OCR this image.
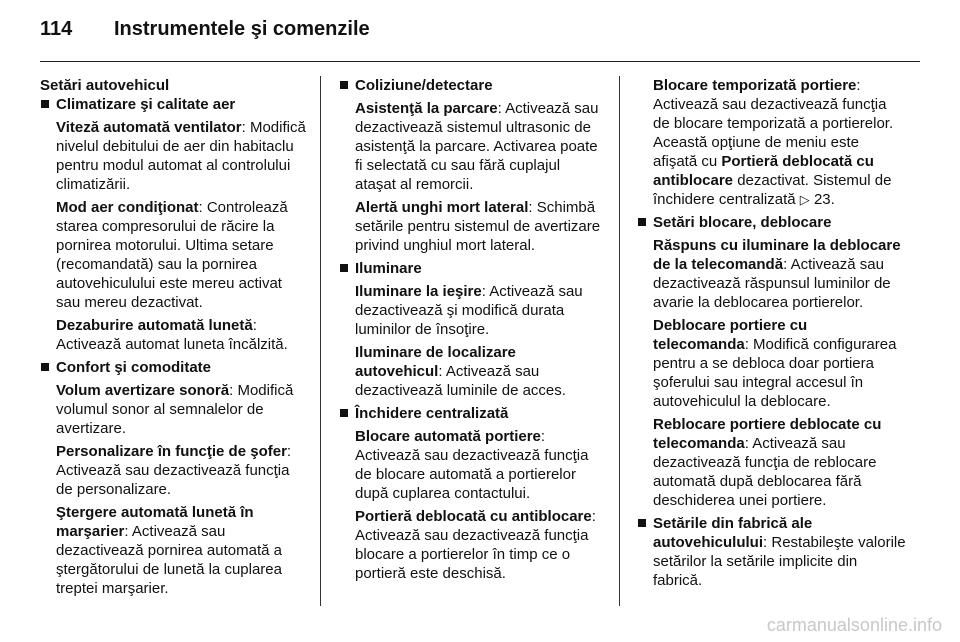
114 Instrumentele şi comenzile
Setări autovehicul
Climatizare şi calitate aer
Viteză automată ventilator: Modifică nivelul debitului de aer din habitaclu pentru modul automat al controlului climatizării.
Mod aer condiţionat: Controlează starea compresorului de răcire la pornirea motorului. Ultima setare (recomandată) sau la pornirea autovehiculului este mereu activat sau mereu dezactivat.
Dezaburire automată lunetă: Activează automat luneta încălzită.
Confort şi comoditate
Volum avertizare sonoră: Modifică volumul sonor al semnalelor de avertizare.
Personalizare în funcţie de şofer: Activează sau dezactivează funcţia de personalizare.
Ştergere automată lunetă în marşarier: Activează sau dezactivează pornirea automată a ştergătorului de lunetă la cuplarea treptei marşarier.
Coliziune/detectare
Asistenţă la parcare: Activează sau dezactivează sistemul ultrasonic de asistenţă la parcare. Activarea poate fi selectată cu sau fără cuplajul ataşat al remorcii.
Alertă unghi mort lateral: Schimbă setările pentru sistemul de avertizare privind unghiul mort lateral.
Iluminare
Iluminare la ieşire: Activează sau dezactivează şi modifică durata luminilor de însoţire.
Iluminare de localizare autovehicul: Activează sau dezactivează luminile de acces.
Închidere centralizată
Blocare automată portiere: Activează sau dezactivează funcţia de blocare automată a portierelor după cuplarea contactului.
Portieră deblocată cu antiblocare: Activează sau dezactivează funcţia blocare a portierelor în timp ce o portieră este deschisă.
Blocare temporizată portiere: Activează sau dezactivează funcţia de blocare temporizată a portierelor. Această opţiune de meniu este afişată cu Portieră deblocată cu antiblocare dezactivat. Sistemul de închidere centralizată ▷ 23.
Setări blocare, deblocare
Răspuns cu iluminare la deblocare de la telecomandă: Activează sau dezactivează răspunsul luminilor de avarie la deblocarea portierelor.
Deblocare portiere cu telecomanda: Modifică configurarea pentru a se debloca doar portiera şoferului sau integral accesul în autovehiculul la deblocare.
Reblocare portiere deblocate cu telecomanda: Activează sau dezactivează funcţia de reblocare automată după deblocarea fără deschiderea unei portiere.
Setările din fabrică ale autovehiculului: Restabileşte valorile setărilor la setările implicite din fabrică.
carmanualsonline.info
